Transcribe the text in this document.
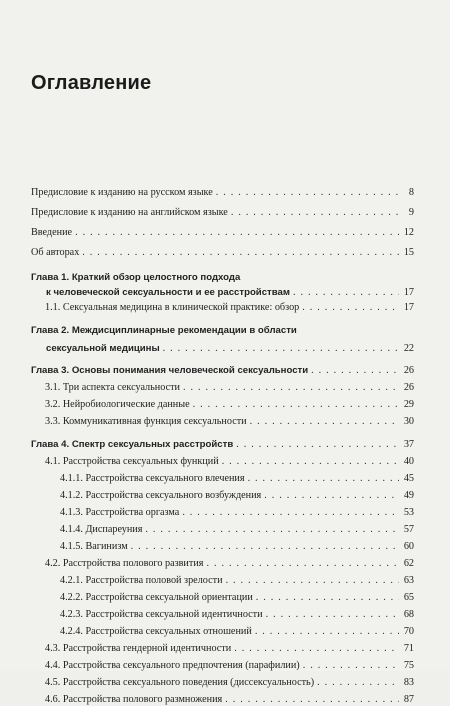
Оглавление
Предисловие к изданию на русском языке . . .	8
Предисловие к изданию на английском языке . . .	9
Введение . . .	12
Об авторах . . .	15
Глава 1. Краткий обзор целостного подхода
к человеческой сексуальности и ее расстройствам . . .	17
1.1. Сексуальная медицина в клинической практике: обзор . . .	17
Глава 2. Междисциплинарные рекомендации в области
сексуальной медицины . . .	22
Глава 3. Основы понимания человеческой сексуальности . . .	26
3.1. Три аспекта сексуальности . . .	26
3.2. Нейробиологические данные . . .	29
3.3. Коммуникативная функция сексуальности . . .	30
Глава 4. Спектр сексуальных расстройств . . .	37
4.1. Расстройства сексуальных функций . . .	40
4.1.1. Расстройства сексуального влечения . . .	45
4.1.2. Расстройства сексуального возбуждения . . .	49
4.1.3. Расстройства оргазма . . .	53
4.1.4. Диспареуния . . .	57
4.1.5. Вагинизм . . .	60
4.2. Расстройства полового развития . . .	62
4.2.1. Расстройства половой зрелости . . .	63
4.2.2. Расстройства сексуальной ориентации . . .	65
4.2.3. Расстройства сексуальной идентичности . . .	68
4.2.4. Расстройства сексуальных отношений . . .	70
4.3. Расстройства гендерной идентичности . . .	71
4.4. Расстройства сексуального предпочтения (парафилии) . . .	75
4.5. Расстройства сексуального поведения (диссексуальность) . . .	83
4.6. Расстройства полового размножения . . .	87
